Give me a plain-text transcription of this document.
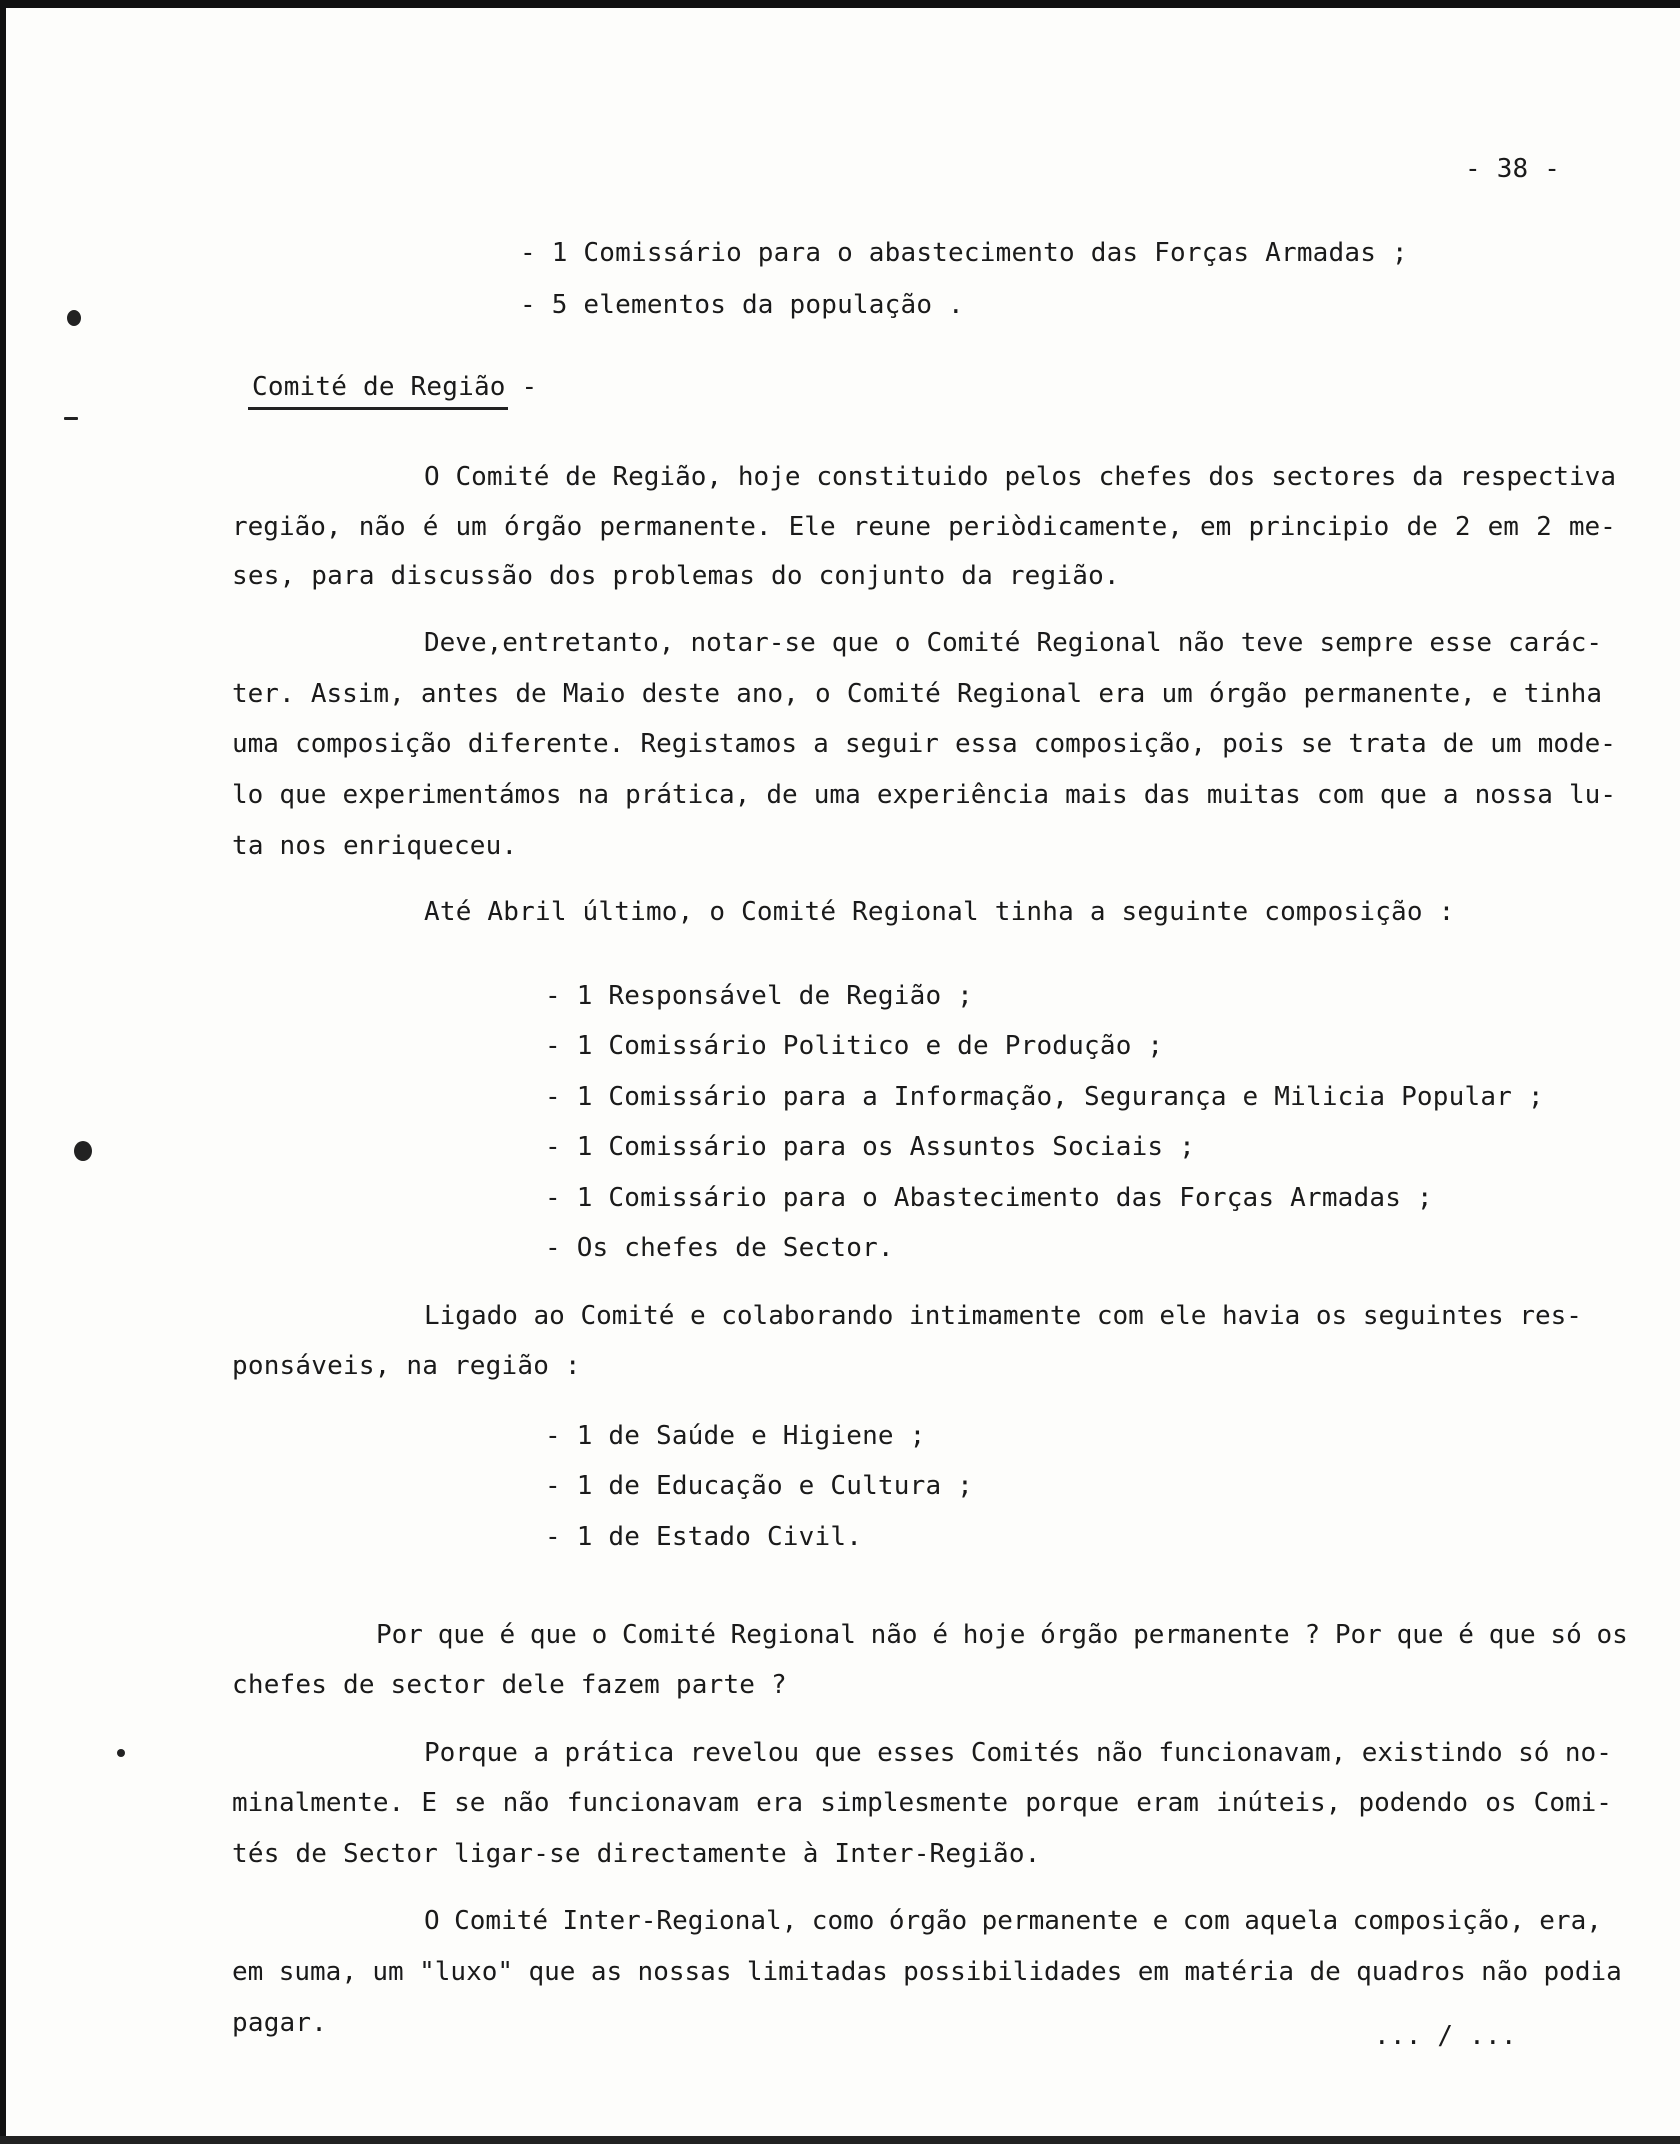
- 38 -
- 1 Comissário para o abastecimento das Forças Armadas ;
- 5 elementos da população .
Comité de Região -
O Comité de Região, hoje constituido pelos chefes dos sectores da respectiva
região, não é um órgão permanente. Ele reune periòdicamente, em principio de 2 em 2 me-
ses, para discussão dos problemas do conjunto da região.
Deve,entretanto, notar-se que o Comité Regional não teve sempre esse carác-
ter. Assim, antes de Maio deste ano, o Comité Regional era um órgão permanente, e tinha
uma composição diferente. Registamos a seguir essa composição, pois se trata de um mode-
lo que experimentámos na prática, de uma experiência mais das muitas com que a nossa lu-
ta nos enriqueceu.
Até Abril último, o Comité Regional tinha a seguinte composição :
- 1 Responsável de Região ;
- 1 Comissário Politico e de Produção ;
- 1 Comissário para a Informação, Segurança e Milicia Popular ;
- 1 Comissário para os Assuntos Sociais ;
- 1 Comissário para o Abastecimento das Forças Armadas ;
- Os chefes de Sector.
Ligado ao Comité e colaborando intimamente com ele havia os seguintes res-
ponsáveis, na região :
- 1 de Saúde e Higiene ;
- 1 de Educação e Cultura ;
- 1 de Estado Civil.
Por que é que o Comité Regional não é hoje órgão permanente ? Por que é que só os
chefes de sector dele fazem parte ?
Porque a prática revelou que esses Comités não funcionavam, existindo só no-
minalmente. E se não funcionavam era simplesmente porque eram inúteis, podendo os Comi-
tés de Sector ligar-se directamente à Inter-Região.
O Comité Inter-Regional, como órgão permanente e com aquela composição, era,
em suma, um "luxo" que as nossas limitadas possibilidades em matéria de quadros não podia
pagar.	... / ...
